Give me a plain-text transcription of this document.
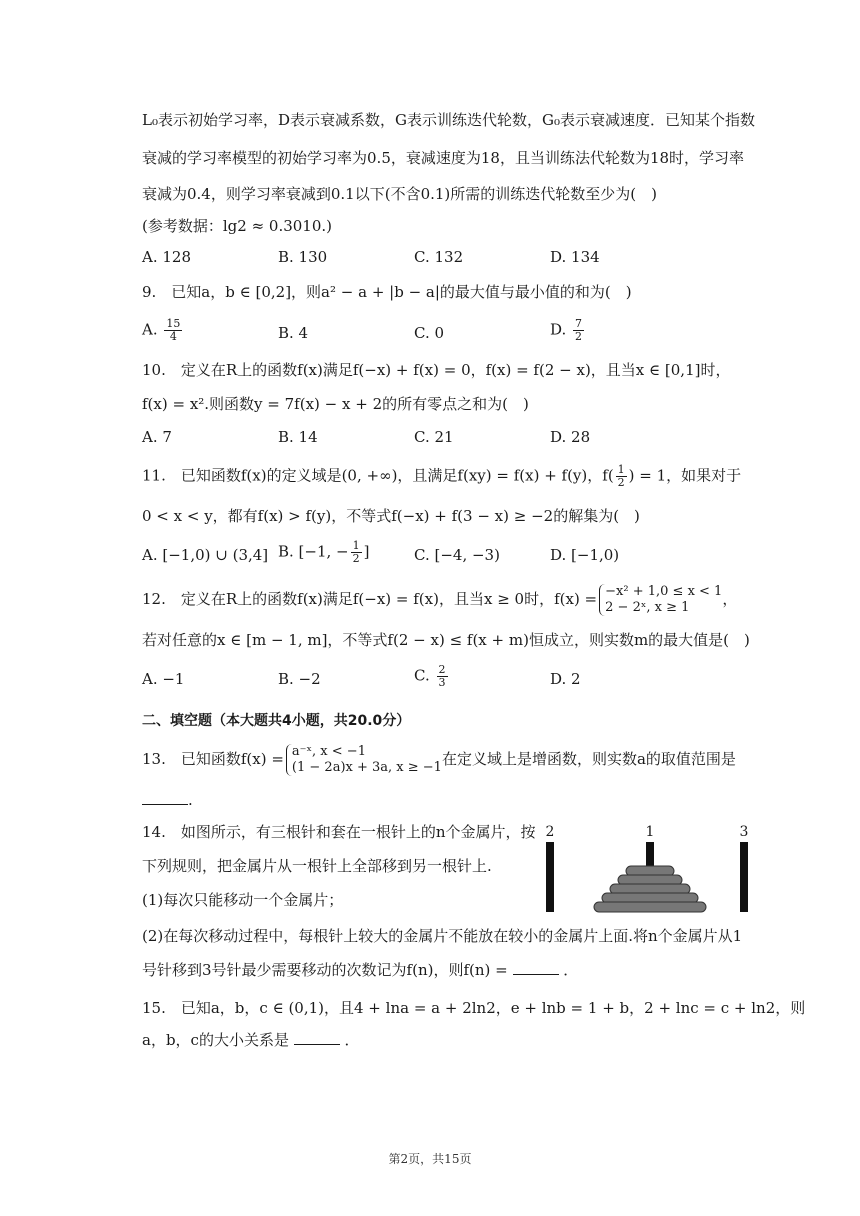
L₀表示初始学习率，D表示衰减系数，G表示训练迭代轮数，G₀表示衰减速度．已知某个指数
衰减的学习率模型的初始学习率为0.5，衰减速度为18，且当训练法代轮数为18时，学习率
衰减为0.4，则学习率衰减到0.1以下(不含0.1)所需的训练迭代轮数至少为(　)
(参考数据：lg2 ≈ 0.3010.)
A. 128	B. 130	C. 132	D. 134
9.　已知a，b ∈ [0,2]，则a² − a + |b − a|的最大值与最小值的和为(　)
A. $\frac{15}{4}$	B. 4	C. 0	D. $\frac{7}{2}$
10.　定义在R上的函数f(x)满足f(−x) + f(x) = 0，f(x) = f(2 − x)，且当x ∈ [0,1]时，
f(x) = x².则函数y = 7f(x) − x + 2的所有零点之和为(　)
A. 7	B. 14	C. 21	D. 28
11.　已知函数f(x)的定义域是(0, +∞)，且满足f(xy) = f(x) + f(y)，$f( \frac{1}{2}$ ) = 1，如果对于
0 < x < y，都有f(x) > f(y)，不等式f(−x) + f(3 − x) ≥ −2的解集为(　)
A. [−1,0) ∪ (3,4] B. [−1, − $\frac{1}{2}$ ]	C. [−4, −3)	D. [−1,0)
12.　定义在R上的函数f(x)满足f(−x) = f(x)，且当x ≥ 0时，f(x) = −x² + 1,0 ≤ x < 1
2 − 2ˣ, x ≥ 1	，
若对任意的x ∈ [m − 1, m]，不等式f(2 − x) ≤ f(x + m)恒成立，则实数m的最大值是(　)
A. −1	B. −2	C. $\frac{2}{3}$	D. 2
二、填空题（本大题共4小题，共20.0分）
13.　已知函数f(x) = a⁻ˣ, x < −1
(1 − 2a)x + 3a, x ≥ −1 在定义域上是增函数，则实数a的取值范围是
.
14.　如图所示，有三根针和套在一根针上的n个金属片，按
下列规则，把金属片从一根针上全部移到另一根针上.
(1)每次只能移动一个金属片；
(2)在每次移动过程中，每根针上较大的金属片不能放在较小的金属片上面.将n个金属片从1
号针移到3号针最少需要移动的次数记为f(n)，则f(n) =	．
2	1	3
15.　已知a，b，c ∈ (0,1)，且4 + lna = a + 2ln2，e + lnb = 1 + b，2 + lnc = c + ln2，则
a，b，c的大小关系是	．
第2页，共15页
